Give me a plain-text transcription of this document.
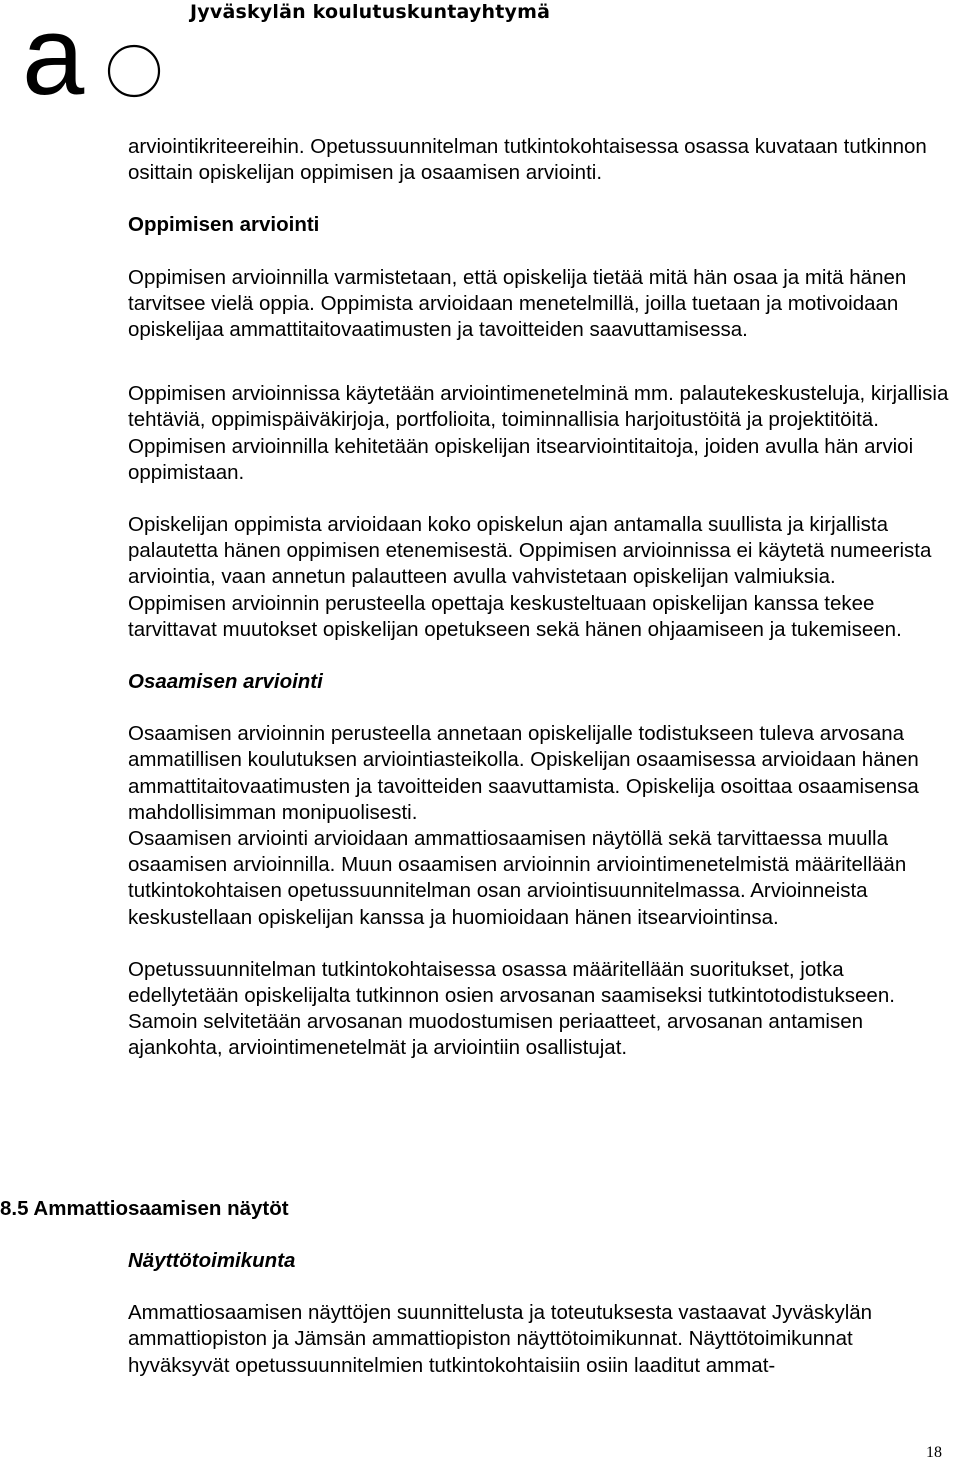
a	Jyväskylän koulutuskuntayhtymä

arviointikriteereihin. Opetussuunnitelman tutkintokohtaisessa osassa kuvataan tutkinnon osittain opiskelijan oppimisen ja osaamisen arviointi.

Oppimisen arviointi

Oppimisen arvioinnilla varmistetaan, että opiskelija tietää mitä hän osaa ja mitä hänen tarvitsee vielä oppia. Oppimista arvioidaan menetelmillä, joilla tuetaan ja motivoidaan opiskelijaa ammattitaitovaatimusten ja tavoitteiden saavuttamisessa.

Oppimisen arvioinnissa käytetään arviointimenetelminä mm. palautekeskusteluja, kirjallisia tehtäviä, oppimispäiväkirjoja, portfolioita, toiminnallisia harjoitustöitä ja projektitöitä. Oppimisen arvioinnilla kehitetään opiskelijan itsearviointitaitoja, joiden avulla hän arvioi oppimistaan.

Opiskelijan oppimista arvioidaan koko opiskelun ajan antamalla suullista ja kirjallista palautetta hänen oppimisen etenemisestä. Oppimisen arvioinnissa ei käytetä numeerista arviointia, vaan annetun palautteen avulla vahvistetaan opiskelijan valmiuksia.

Oppimisen arvioinnin perusteella opettaja keskusteltuaan opiskelijan kanssa tekee tarvittavat muutokset opiskelijan opetukseen sekä hänen ohjaamiseen ja tukemiseen.

Osaamisen arviointi

Osaamisen arvioinnin perusteella annetaan opiskelijalle todistukseen tuleva arvosana ammatillisen koulutuksen arviointiasteikolla. Opiskelijan osaamisessa arvioidaan hänen ammattitaitovaatimusten ja tavoitteiden saavuttamista. Opiskelija osoittaa osaamisensa mahdollisimman monipuolisesti.

Osaamisen arviointi arvioidaan ammattiosaamisen näytöllä sekä tarvittaessa muulla osaamisen arvioinnilla. Muun osaamisen arvioinnin arviointimenetelmistä määritellään tutkintokohtaisen opetussuunnitelman osan arviointisuunnitelmassa. Arvioinneista keskustellaan opiskelijan kanssa ja huomioidaan hänen itsearviointinsa.

Opetussuunnitelman tutkintokohtaisessa osassa määritellään suoritukset, jotka edellytetään opiskelijalta tutkinnon osien arvosanan saamiseksi tutkintotodistukseen. Samoin selvitetään arvosanan muodostumisen periaatteet, arvosanan antamisen ajankohta, arviointimenetelmät ja arviointiin osallistujat.

8.5 Ammattiosaamisen näytöt

Näyttötoimikunta

Ammattiosaamisen näyttöjen suunnittelusta ja toteutuksesta vastaavat Jyväskylän ammattiopiston ja Jämsän ammattiopiston näyttötoimikunnat. Näyttötoimikunnat hyväksyvät opetussuunnitelmien tutkintokohtaisiin osiin laaditut ammat-

18
